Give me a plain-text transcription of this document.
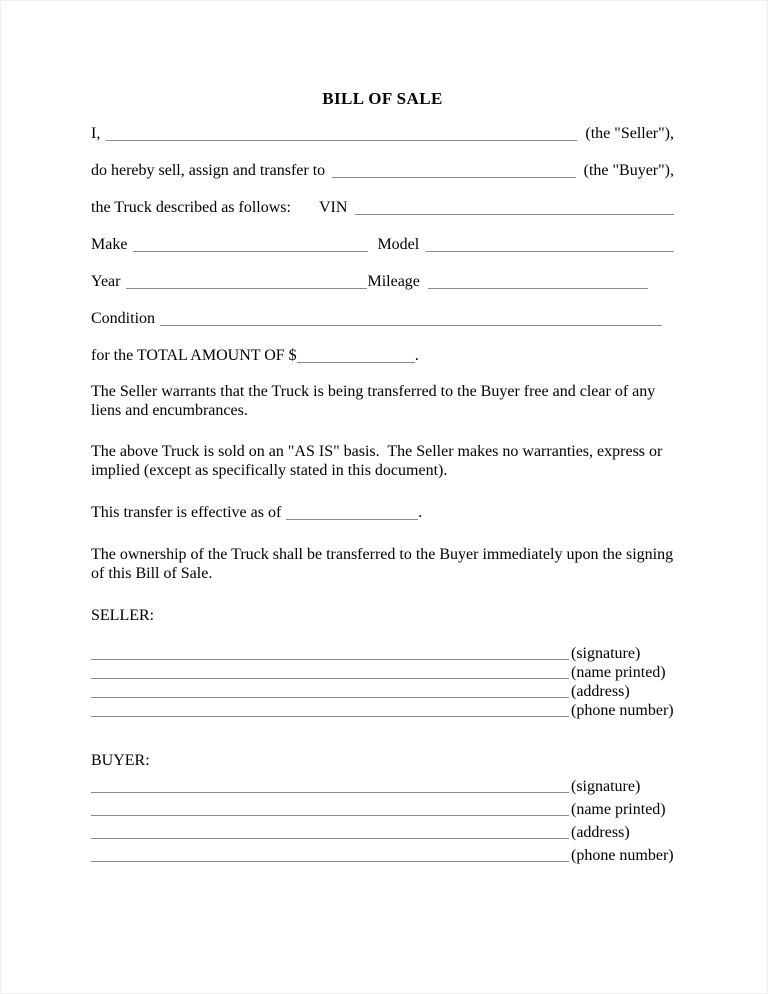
BILL OF SALE
I,	(the "Seller"),
do hereby sell, assign and transfer to	(the "Buyer"),
the Truck described as follows: VIN
Make	Model
Year	Mileage
Condition
for the TOTAL AMOUNT OF $	.

The Seller warrants that the Truck is being transferred to the Buyer free and clear of any liens and encumbrances.

The above Truck is sold on an "AS IS" basis.  The Seller makes no warranties, express or implied (except as specifically stated in this document).

This transfer is effective as of	.

The ownership of the Truck shall be transferred to the Buyer immediately upon the signing of this Bill of Sale.

SELLER:
(signature)
(name printed)
(address)
(phone number)
BUYER:
(signature)
(name printed)
(address)
(phone number)
